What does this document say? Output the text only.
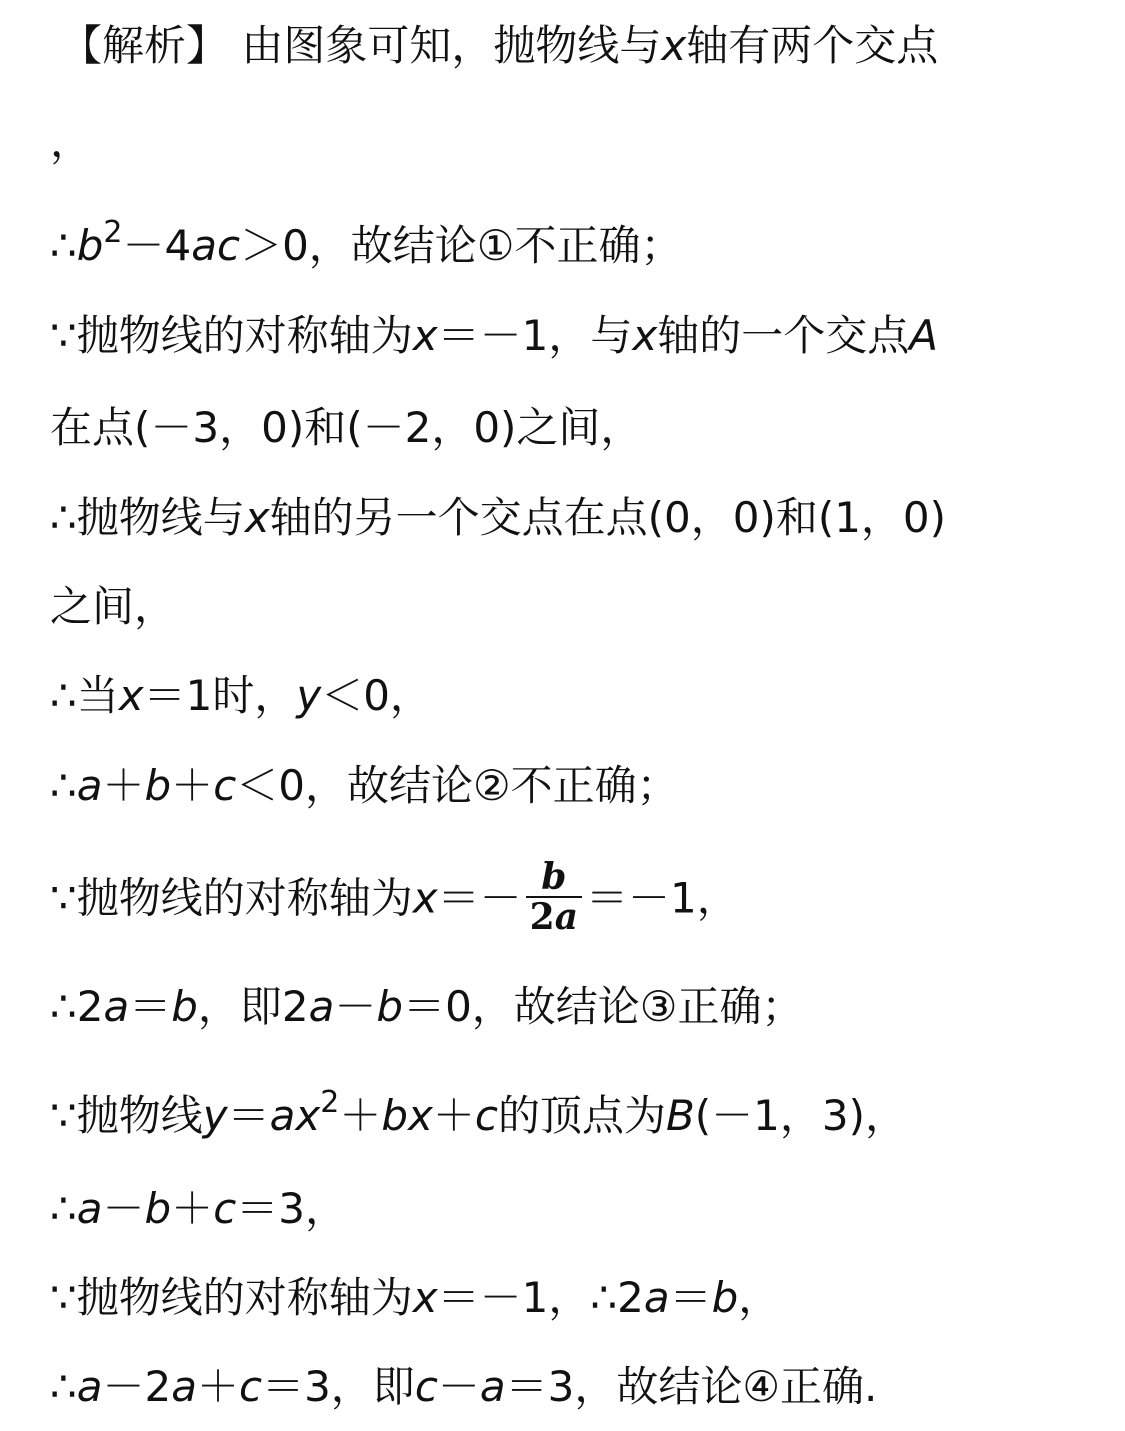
【解析】 由图象可知，抛物线与x轴有两个交点
，
$\therefore b^2-4ac>0$，故结论①不正确；
∵抛物线的对称轴为x＝－1，与x轴的一个交点A
在点(－3，0)和(－2，0)之间，
∴抛物线与x轴的另一个交点在点(0，0)和(1，0)
之间，
∴当x＝1时，y＜0，
∴a＋b＋c＜0，故结论②不正确；
∵抛物线的对称轴为$x=- \frac{b}{2a} =-1$，
∴2a＝b，即2a－b＝0，故结论③正确；
∵抛物线$y=ax^2+bx+c$的顶点为B(－1，3)，
∴a－b＋c＝3，
∵抛物线的对称轴为x＝－1，∴2a＝b，
∴a－2a＋c＝3，即c－a＝3，故结论④正确.
